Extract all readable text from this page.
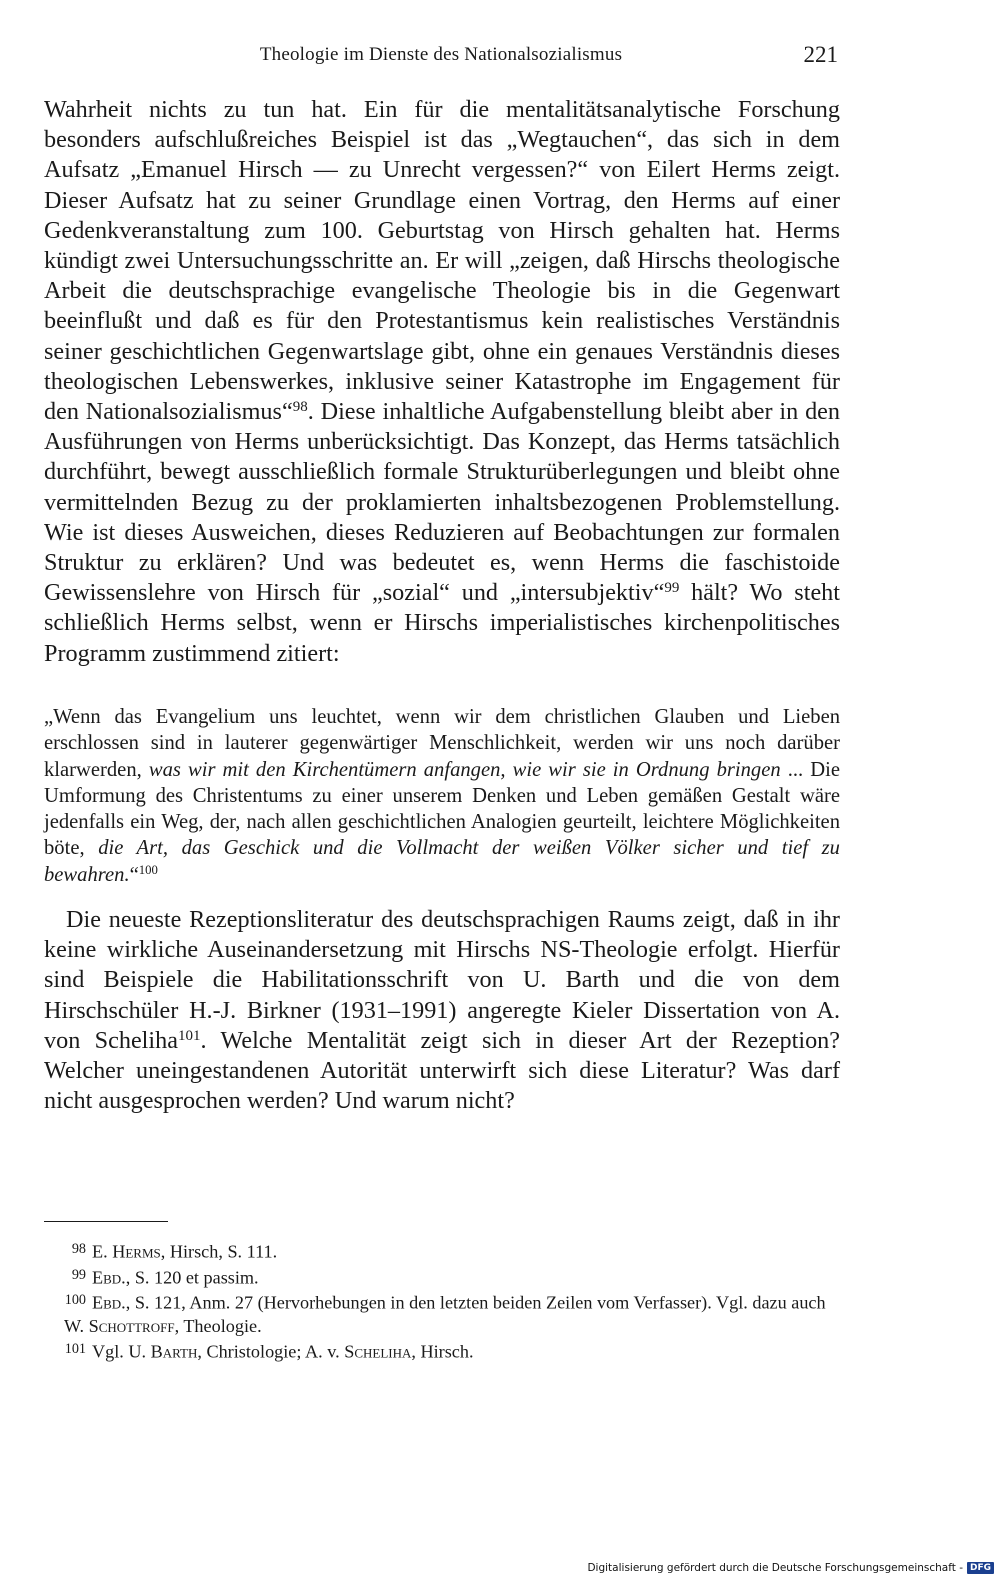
Theologie im Dienste des Nationalsozialismus	221

Wahrheit nichts zu tun hat. Ein für die mentalitätsanalytische Forschung besonders aufschlußreiches Beispiel ist das „Wegtauchen“, das sich in dem Aufsatz „Emanuel Hirsch — zu Unrecht vergessen?“ von Eilert Herms zeigt. Dieser Aufsatz hat zu seiner Grundlage einen Vortrag, den Herms auf einer Gedenkveranstaltung zum 100. Geburtstag von Hirsch gehalten hat. Herms kündigt zwei Untersuchungsschritte an. Er will „zeigen, daß Hirschs theologische Arbeit die deutschsprachige evangelische Theologie bis in die Gegenwart beeinflußt und daß es für den Protestantismus kein realistisches Verständnis seiner geschichtlichen Gegenwartslage gibt, ohne ein genaues Verständnis dieses theologischen Lebenswerkes, inklusive seiner Katastrophe im Engagement für den Nationalsozialismus“$^{98}$. Diese inhaltliche Aufgabenstellung bleibt aber in den Ausführungen von Herms unberücksichtigt. Das Konzept, das Herms tatsächlich durchführt, bewegt ausschließlich formale Strukturüberlegungen und bleibt ohne vermittelnden Bezug zu der proklamierten inhaltsbezogenen Problemstellung. Wie ist dieses Ausweichen, dieses Reduzieren auf Beobachtungen zur formalen Struktur zu erklären? Und was bedeutet es, wenn Herms die faschistoide Gewissenslehre von Hirsch für „sozial“ und „intersubjektiv“$^{99}$ hält? Wo steht schließlich Herms selbst, wenn er Hirschs imperialistisches kirchenpolitisches Programm zustimmend zitiert:

„Wenn das Evangelium uns leuchtet, wenn wir dem christlichen Glauben und Lieben erschlossen sind in lauterer gegenwärtiger Menschlichkeit, werden wir uns noch darüber klarwerden, was wir mit den Kirchentümern anfangen, wie wir sie in Ordnung bringen ... Die Umformung des Christentums zu einer unserem Denken und Leben gemäßen Gestalt wäre jedenfalls ein Weg, der, nach allen geschichtlichen Analogien geurteilt, leichtere Möglichkeiten böte, die Art, das Geschick und die Vollmacht der weißen Völker sicher und tief zu bewahren.“$^{100}$

Die neueste Rezeptionsliteratur des deutschsprachigen Raums zeigt, daß in ihr keine wirkliche Auseinandersetzung mit Hirschs NS-Theologie erfolgt. Hierfür sind Beispiele die Habilitationsschrift von U. Barth und die von dem Hirschschüler H.-J. Birkner (1931–1991) angeregte Kieler Dissertation von A. von Scheliha$^{101}$. Welche Mentalität zeigt sich in dieser Art der Rezeption? Welcher uneingestandenen Autorität unterwirft sich diese Literatur? Was darf nicht ausgesprochen werden? Und warum nicht?

98 E. Herms, Hirsch, S. 111.

99 Ebd., S. 120 et passim.

100 Ebd., S. 121, Anm. 27 (Hervorhebungen in den letzten beiden Zeilen vom Verfasser). Vgl. dazu auch W. Schottroff, Theologie.

101 Vgl. U. Barth, Christologie; A. v. Scheliha, Hirsch.

Digitalisierung gefördert durch die Deutsche Forschungsgemeinschaft - DFG
